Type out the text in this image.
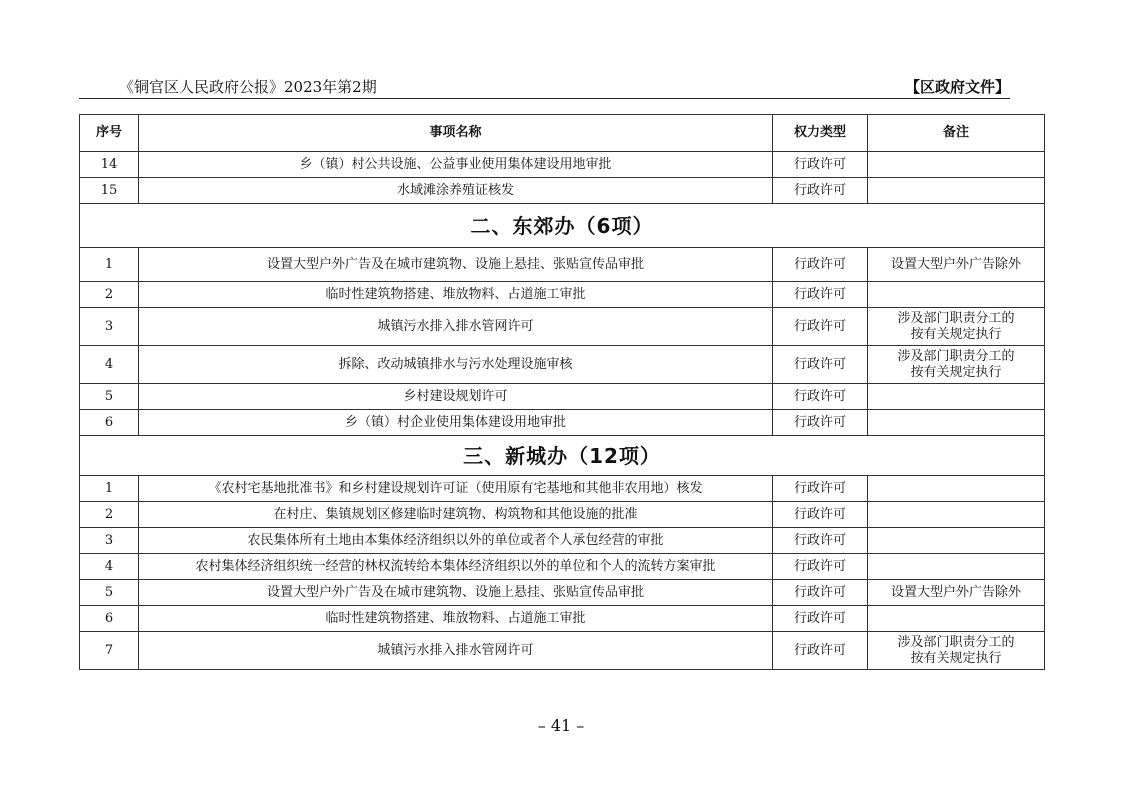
《铜官区人民政府公报》2023年第2期	【区政府文件】
序号	事项名称	权力类型	备注
14	乡（镇）村公共设施、公益事业使用集体建设用地审批	行政许可	
15	水域滩涂养殖证核发	行政许可	
二、东郊办（6项）			
1	设置大型户外广告及在城市建筑物、设施上悬挂、张贴宣传品审批	行政许可	设置大型户外广告除外

2	临时性建筑物搭建、堆放物料、占道施工审批	行政许可	
3	城镇污水排入排水管网许可	行政许可	涉及部门职责分工的
按有关规定执行

4	拆除、改动城镇排水与污水处理设施审核	行政许可	涉及部门职责分工的
按有关规定执行

5	乡村建设规划许可	行政许可	
6	乡（镇）村企业使用集体建设用地审批	行政许可	
三、新城办（12项）			
1	《农村宅基地批准书》和乡村建设规划许可证（使用原有宅基地和其他非农用地）核发	行政许可	
2	在村庄、集镇规划区修建临时建筑物、构筑物和其他设施的批准	行政许可	
3	农民集体所有土地由本集体经济组织以外的单位或者个人承包经营的审批	行政许可	
4	农村集体经济组织统一经营的林权流转给本集体经济组织以外的单位和个人的流转方案审批	行政许可	
5	设置大型户外广告及在城市建筑物、设施上悬挂、张贴宣传品审批	行政许可	设置大型户外广告除外

6	临时性建筑物搭建、堆放物料、占道施工审批	行政许可	
7	城镇污水排入排水管网许可	行政许可	涉及部门职责分工的
按有关规定执行
– 41 –
